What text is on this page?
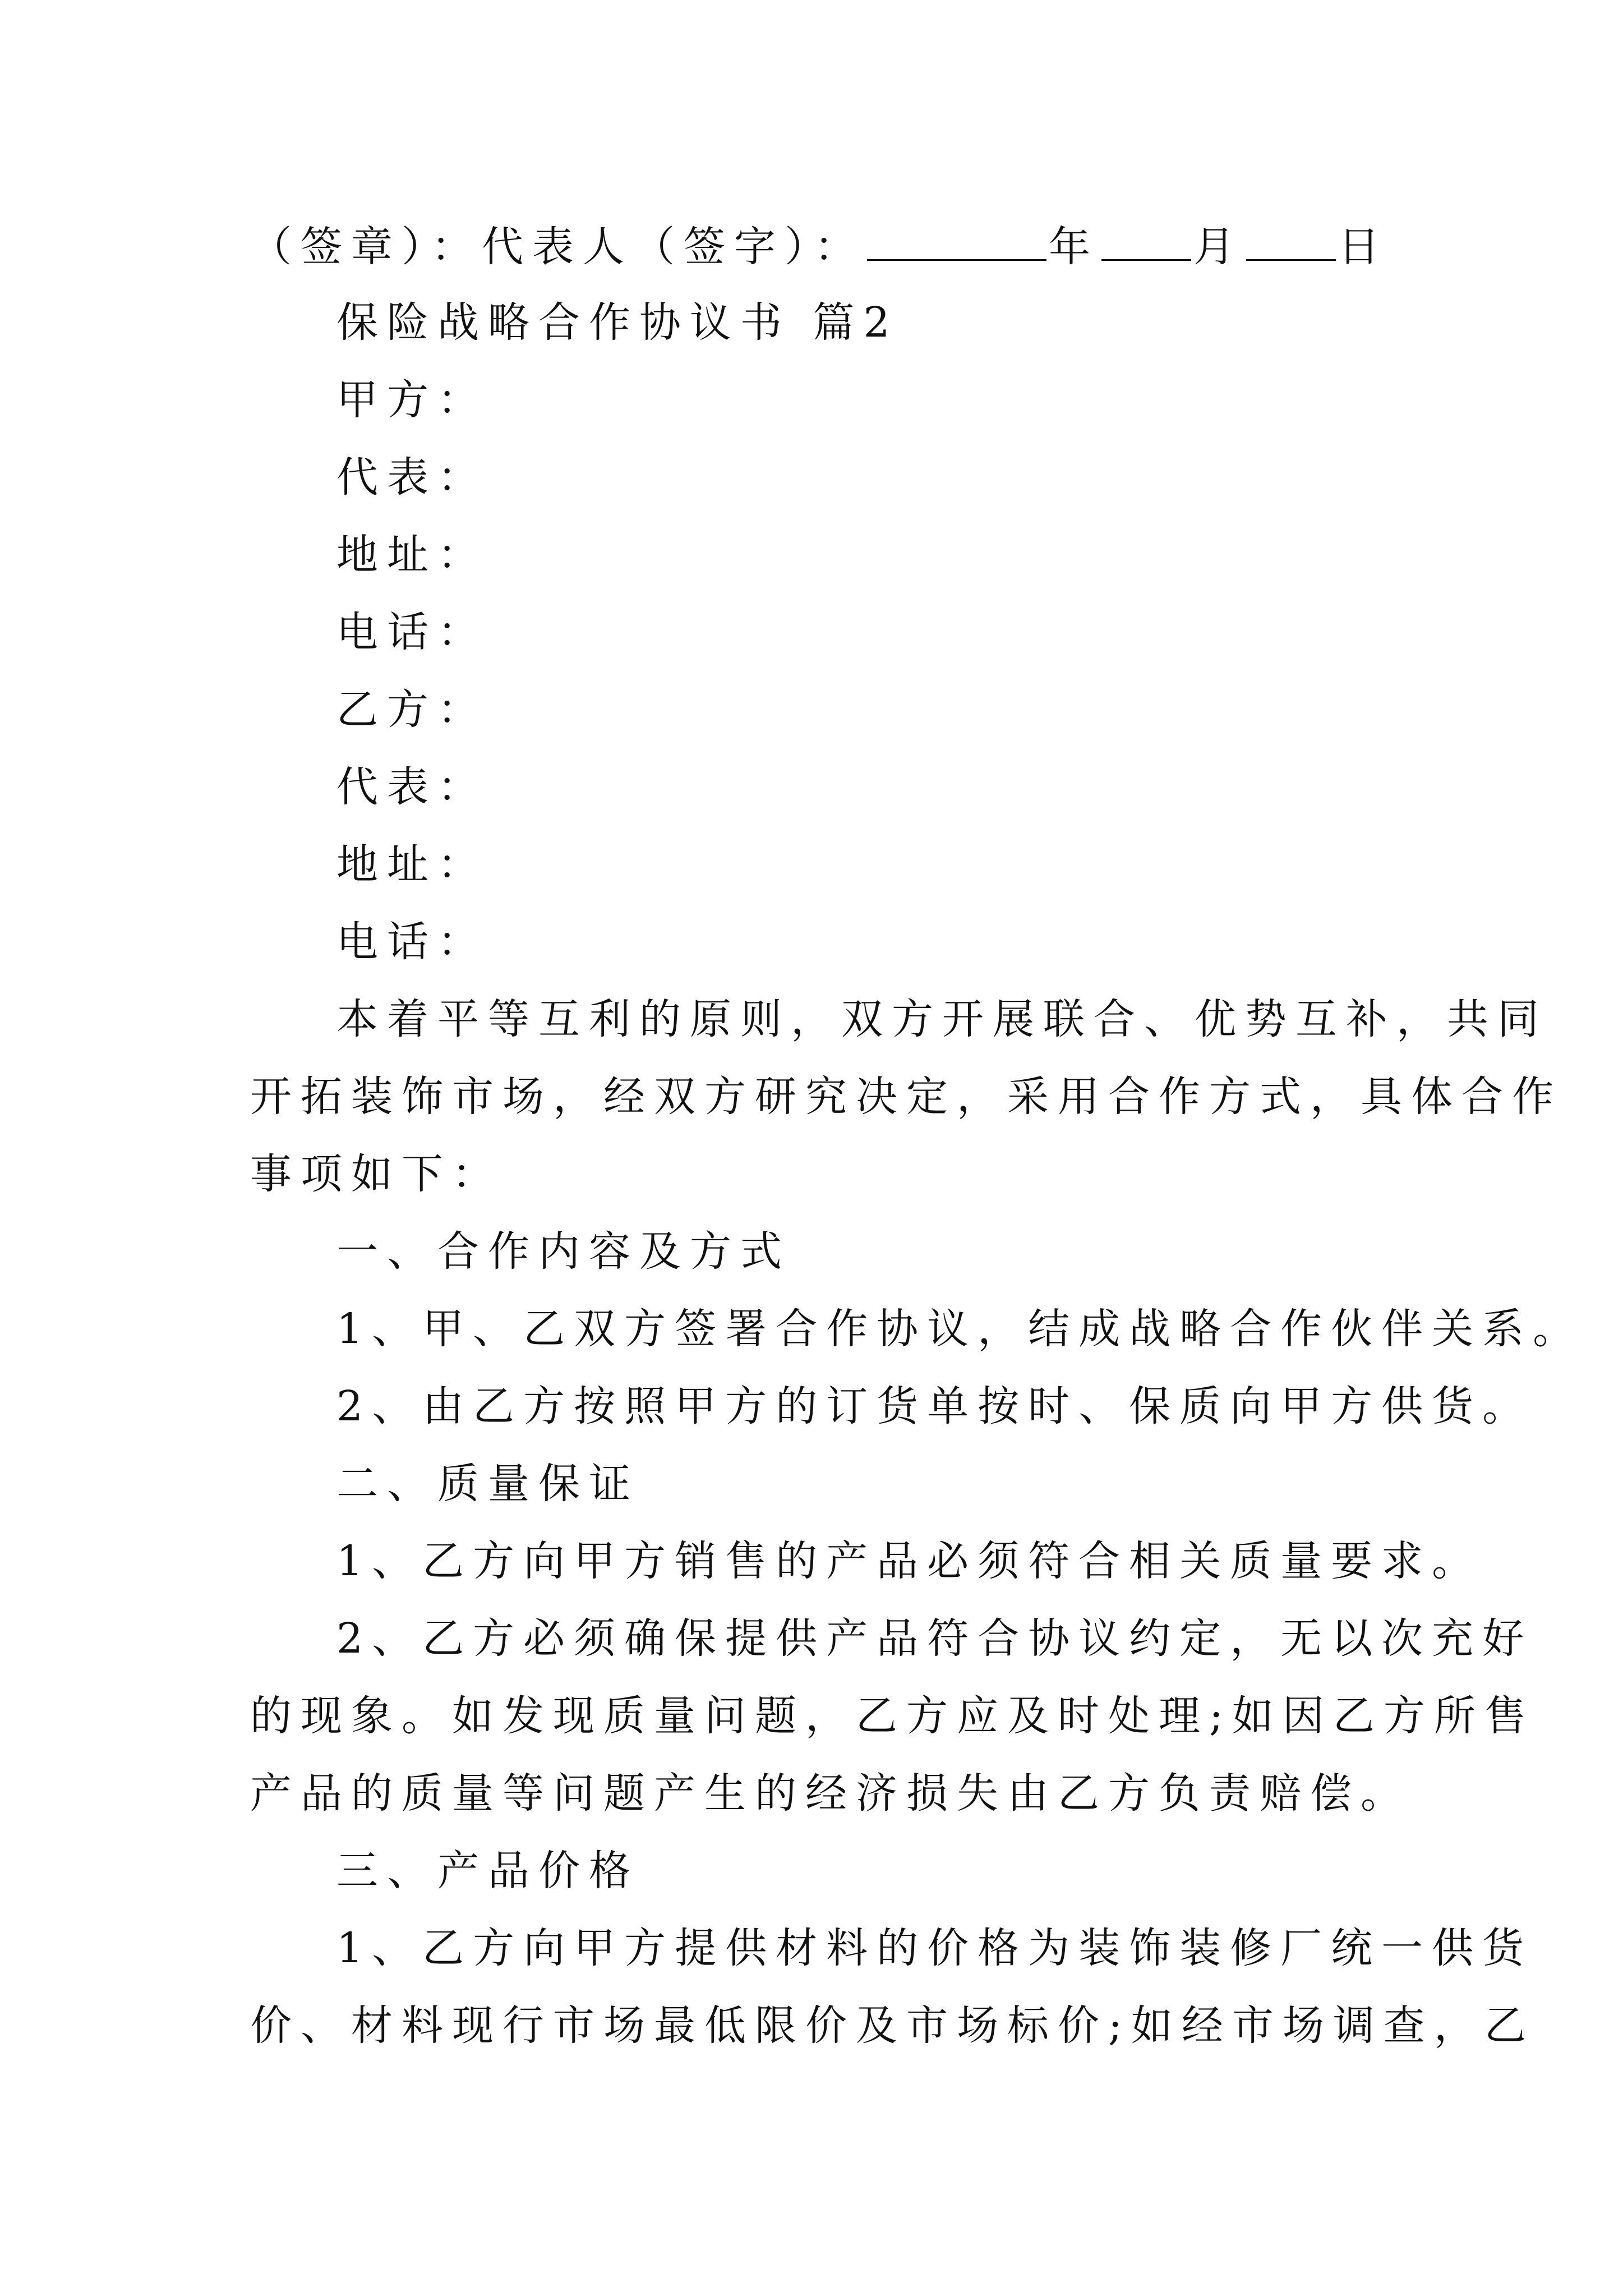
（签章）：代表人（签字）：	年 月 日
保险战略合作协议书 篇2
甲方：
代表：
地址：
电话：
乙方：
代表：
地址：
电话：
本着平等互利的原则，双方开展联合、优势互补，共同
开拓装饰市场，经双方研究决定，采用合作方式，具体合作
事项如下：
一、合作内容及方式
1、甲、乙双方签署合作协议，结成战略合作伙伴关系。
2、由乙方按照甲方的订货单按时、保质向甲方供货。
二、质量保证
1、乙方向甲方销售的产品必须符合相关质量要求。
2、乙方必须确保提供产品符合协议约定，无以次充好
的现象。如发现质量问题，乙方应及时处理;如因乙方所售
产品的质量等问题产生的经济损失由乙方负责赔偿。
三、产品价格
1、乙方向甲方提供材料的价格为装饰装修厂统一供货
价、材料现行市场最低限价及市场标价;如经市场调查，乙
